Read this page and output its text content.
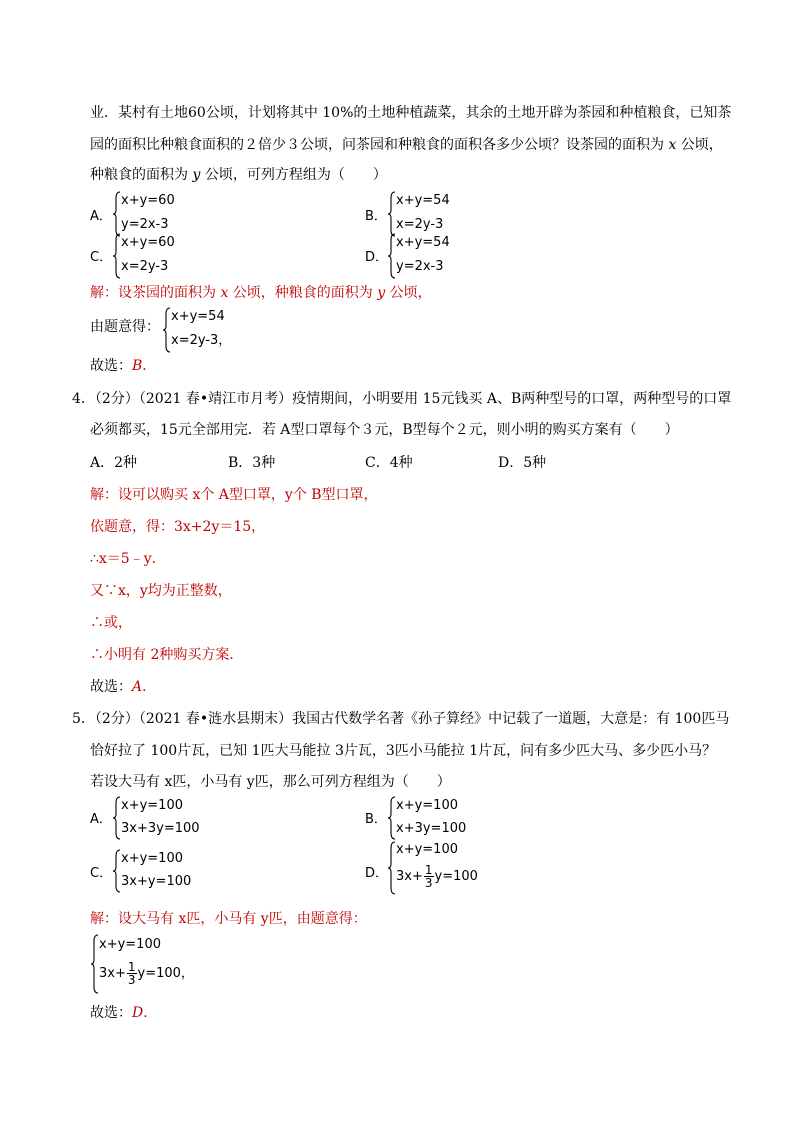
业．某村有土地60公顷，计划将其中 10%的土地种植蔬菜，其余的土地开辟为茶园和种植粮食，已知茶
园的面积比种粮食面积的２倍少３公顷，问茶园和种粮食的面积各多少公顷？设茶园的面积为 x 公顷，
种粮食的面积为 y 公顷，可列方程组为（　　）
A．
x+y=60
y=2x-3
B．
x+y=54
x=2y-3
C．
x+y=60
x=2y-3
D．
x+y=54
y=2x-3
解：设茶园的面积为 x 公顷，种粮食的面积为 y 公顷，
由题意得：
x+y=54
x=2y-3，
故选：B．
4．（2分）（2021 春•靖江市月考）疫情期间，小明要用 15元钱买 A、B两种型号的口罩，两种型号的口罩
必须都买，15元全部用完．若 A型口罩每个３元，B型每个２元，则小明的购买方案有（　　）
A．2种	B．3种	C．4种	D．5种
解：设可以购买 x个 A型口罩，y个 B型口罩，
依题意，得：3x+2y＝15，
∴x＝5﹣y．
又∵x，y均为正整数，
∴或，
∴小明有 2种购买方案．
故选：A．
5．（2分）（2021 春•涟水县期末）我国古代数学名著《孙子算经》中记载了一道题，大意是：有 100匹马
恰好拉了 100片瓦，已知 1匹大马能拉 3片瓦，3匹小马能拉 1片瓦，问有多少匹大马、多少匹小马？
若设大马有 x匹，小马有 y匹，那么可列方程组为（　　）
A．
x+y=100
3x+3y=100
B．
x+y=100
x+3y=100
C．
x+y=100
3x+y=100
D．
x+y=100
$3x+ \frac{1}{3} y=100$
解：设大马有 x匹，小马有 y匹，由题意得：
x+y=100
$3x+ \frac{1}{3} y=100$，
故选：D．
